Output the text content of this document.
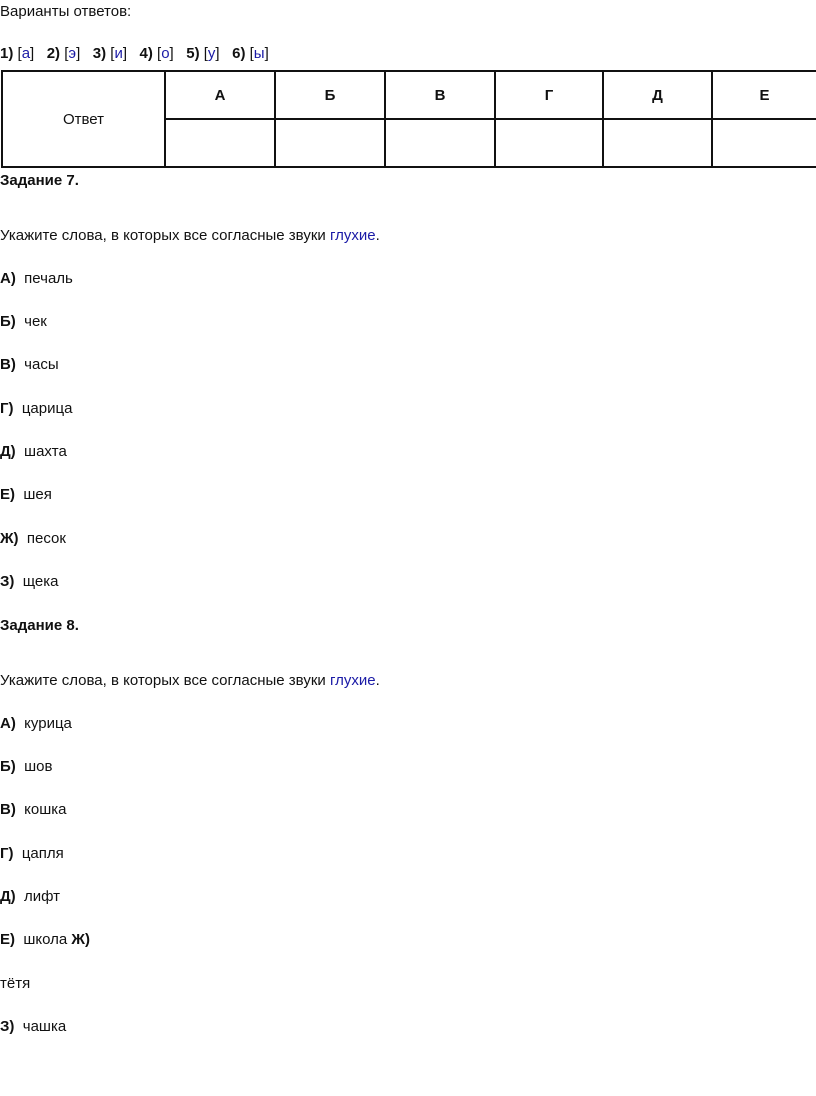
Варианты ответов:
1) [а] 2) [э] 3) [и] 4) [о] 5) [у] 6) [ы]
Ответ	А	Б	В	Г	Д	Е

Задание 7.
Укажите слова, в которых все согласные звуки глухие.
А) печаль
Б) чек
В) часы
Г) царица
Д) шахта
Е) шея
Ж) песок
З) щека
Задание 8.
Укажите слова, в которых все согласные звуки глухие.
А) курица
Б) шов
В) кошка
Г) цапля
Д) лифт
Е) школа Ж)
тётя
З) чашка
